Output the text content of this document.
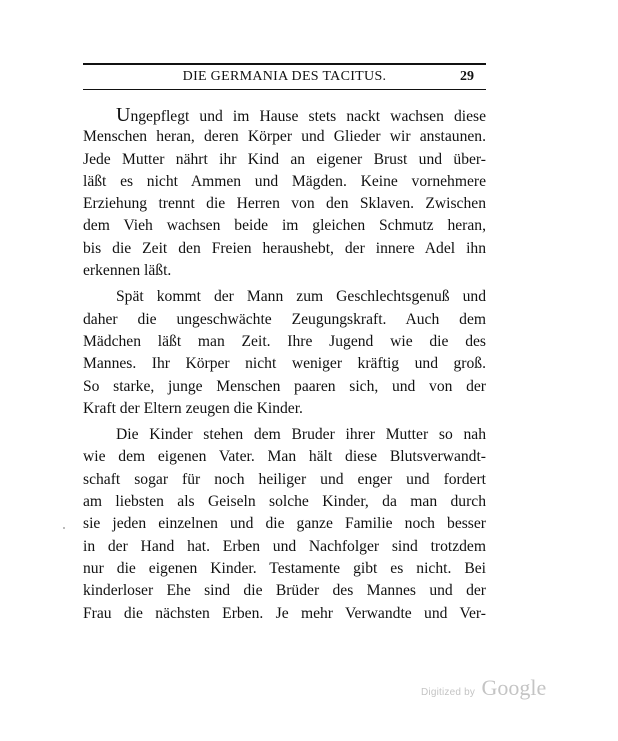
DIE GERMANIA DES TACITUS.	29
Ungepflegt und im Hause stets nackt wachsen diese
Menschen heran, deren Körper und Glieder wir anstaunen.
Jede Mutter nährt ihr Kind an eigener Brust und über-
läßt es nicht Ammen und Mägden. Keine vornehmere
Erziehung trennt die Herren von den Sklaven. Zwischen
dem Vieh wachsen beide im gleichen Schmutz heran,
bis die Zeit den Freien heraushebt, der innere Adel ihn
erkennen läßt.
Spät kommt der Mann zum Geschlechtsgenuß und
daher die ungeschwächte Zeugungskraft. Auch dem
Mädchen läßt man Zeit. Ihre Jugend wie die des
Mannes. Ihr Körper nicht weniger kräftig und groß.
So starke, junge Menschen paaren sich, und von der
Kraft der Eltern zeugen die Kinder.
Die Kinder stehen dem Bruder ihrer Mutter so nah
wie dem eigenen Vater. Man hält diese Blutsverwandt-
schaft sogar für noch heiliger und enger und fordert
am liebsten als Geiseln solche Kinder, da man durch
sie jeden einzelnen und die ganze Familie noch besser
in der Hand hat. Erben und Nachfolger sind trotzdem
nur die eigenen Kinder. Testamente gibt es nicht. Bei
kinderloser Ehe sind die Brüder des Mannes und der
Frau die nächsten Erben. Je mehr Verwandte und Ver-
Digitized by Google
